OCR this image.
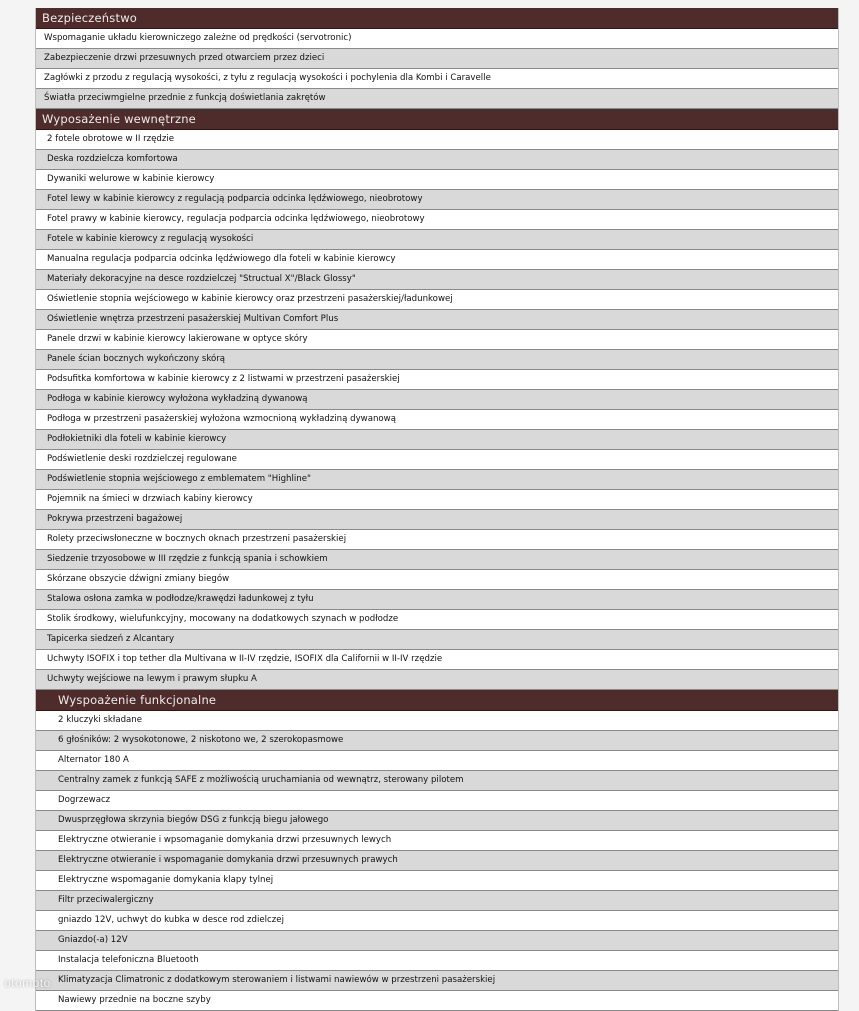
Bezpieczeństwo
Wspomaganie układu kierowniczego zależne od prędkości (servotronic)
Zabezpieczenie drzwi przesuwnych przed otwarciem przez dzieci
Zagłówki z przodu z regulacją wysokości, z tyłu z regulacją wysokości i pochylenia dla Kombi i Caravelle
Światła przeciwmgielne przednie z funkcją doświetlania zakrętów
Wyposażenie wewnętrzne
2 fotele obrotowe w II rzędzie
Deska rozdzielcza komfortowa
Dywaniki welurowe w kabinie kierowcy
Fotel lewy w kabinie kierowcy z regulacją podparcia odcinka lędźwiowego, nieobrotowy
Fotel prawy w kabinie kierowcy, regulacja podparcia odcinka lędźwiowego, nieobrotowy
Fotele w kabinie kierowcy z regulacją wysokości
Manualna regulacja podparcia odcinka lędźwiowego dla foteli w kabinie kierowcy
Materiały dekoracyjne na desce rozdzielczej "Structual X"/Black Glossy"
Oświetlenie stopnia wejściowego w kabinie kierowcy oraz przestrzeni pasażerskiej/ładunkowej
Oświetlenie wnętrza przestrzeni pasażerskiej Multivan Comfort Plus
Panele drzwi w kabinie kierowcy lakierowane w optyce skóry
Panele ścian bocznych wykończony skórą
Podsufitka komfortowa w kabinie kierowcy z 2 listwami w przestrzeni pasażerskiej
Podłoga w kabinie kierowcy wyłożona wykładziną dywanową
Podłoga w przestrzeni pasażerskiej wyłożona wzmocnioną wykładziną dywanową
Podłokietniki dla foteli w kabinie kierowcy
Podświetlenie deski rozdzielczej regulowane
Podświetlenie stopnia wejściowego z emblematem "Highline"
Pojemnik na śmieci w drzwiach kabiny kierowcy
Pokrywa przestrzeni bagażowej
Rolety przeciwsłoneczne w bocznych oknach przestrzeni pasażerskiej
Siedzenie trzyosobowe w III rzędzie z funkcją spania i schowkiem
Skórzane obszycie dźwigni zmiany biegów
Stalowa osłona zamka w podłodze/krawędzi ładunkowej z tyłu
Stolik środkowy, wielufunkcyjny, mocowany na dodatkowych szynach w podłodze
Tapicerka siedzeń z Alcantary
Uchwyty ISOFIX i top tether dla Multivana w II-IV rzędzie, ISOFIX dla Californii w II-IV rzędzie
Uchwyty wejściowe na lewym i prawym słupku A
Wyspoażenie funkcjonalne
2 kluczyki składane
6 głośników: 2 wysokotonowe, 2 niskotono we, 2 szerokopasmowe
Alternator 180 A
Centralny zamek z funkcją SAFE z możliwością uruchamiania od wewnątrz, sterowany pilotem
Dogrzewacz
Dwusprzęgłowa skrzynia biegów DSG z funkcją biegu jałowego
Elektryczne otwieranie i wpsomaganie domykania drzwi przesuwnych lewych
Elektryczne otwieranie i wspomaganie domykania drzwi przesuwnych prawych
Elektryczne wspomaganie domykania klapy tylnej
Filtr przeciwalergiczny
gniazdo 12V, uchwyt do kubka w desce rod zdielczej
Gniazdo(-a) 12V
Instalacja telefoniczna Bluetooth
Klimatyzacja Climatronic z dodatkowym sterowaniem i listwami nawiewów w przestrzeni pasażerskiej
Nawiewy przednie na boczne szyby
otomoto
